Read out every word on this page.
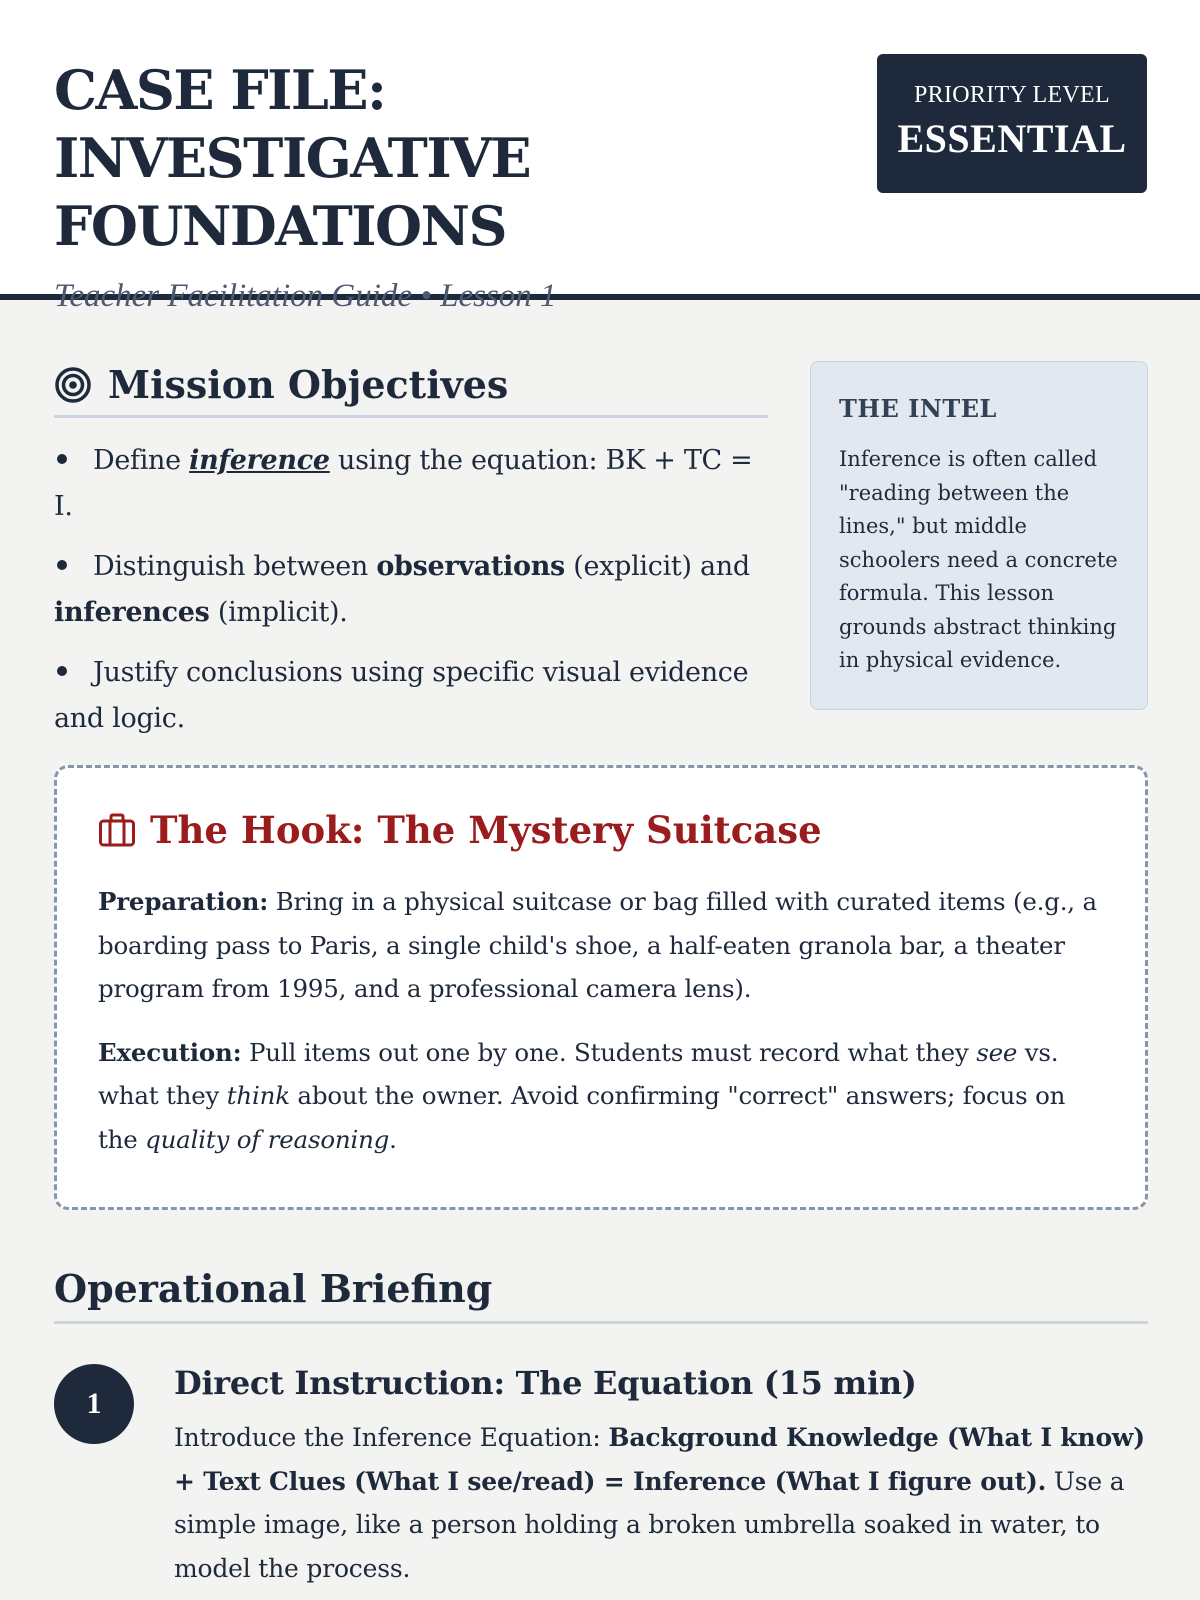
CASE FILE: INVESTIGATIVE FOUNDATIONS
Teacher Facilitation Guide • Lesson 1
PRIORITY LEVEL
ESSENTIAL
Mission Objectives
Define inference using the equation: BK + TC = I.
Distinguish between observations (explicit) and inferences (implicit).
Justify conclusions using specific visual evidence and logic.
THE INTEL

Inference is often called "reading between the lines," but middle schoolers need a concrete formula. This lesson grounds abstract thinking in physical evidence.

The Hook: The Mystery Suitcase

Preparation: Bring in a physical suitcase or bag filled with curated items (e.g., a boarding pass to Paris, a single child's shoe, a half-eaten granola bar, a theater program from 1995, and a professional camera lens).

Execution: Pull items out one by one. Students must record what they see vs. what they think about the owner. Avoid confirming "correct" answers; focus on the quality of reasoning.

Operational Briefing
1
Direct Instruction: The Equation (15 min)

Introduce the Inference Equation: Background Knowledge (What I know) + Text Clues (What I see/read) = Inference (What I figure out). Use a simple image, like a person holding a broken umbrella soaked in water, to model the process.
